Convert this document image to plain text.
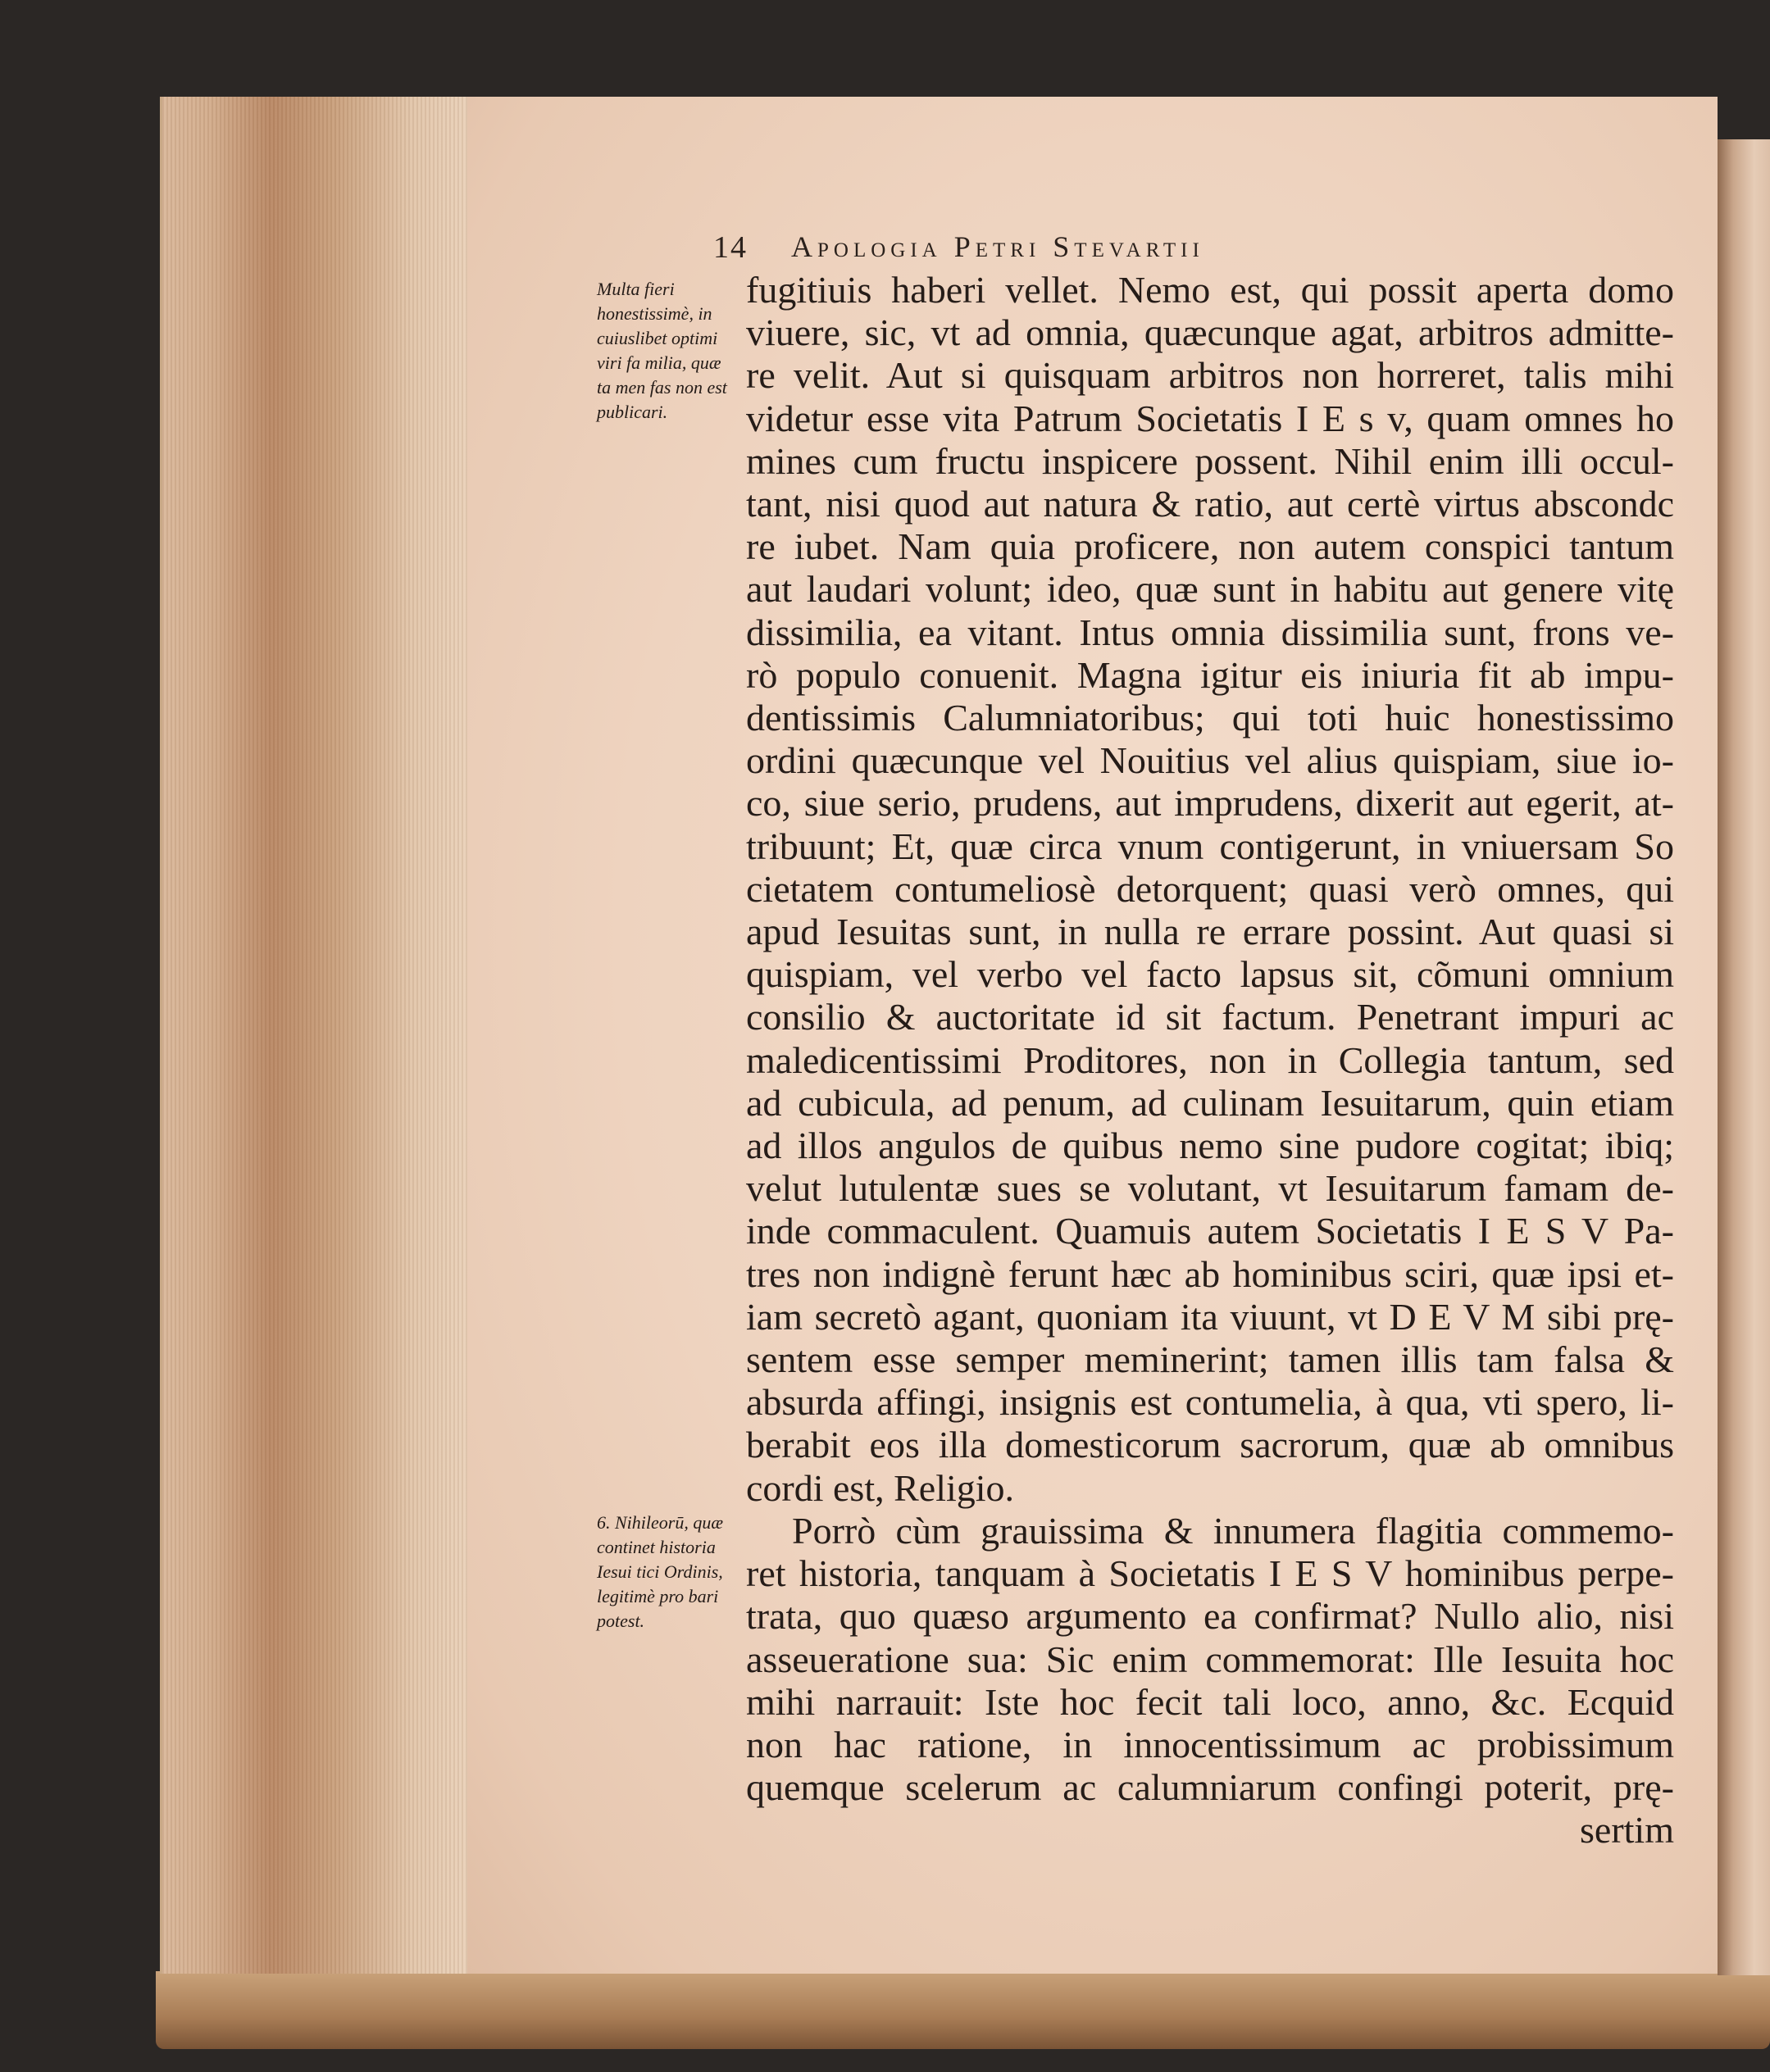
14 Apologia Petri Stevartii
Multa fieri honestissimè, in cuiuslibet optimi viri fa milia, quæ ta men fas non est publicari.
6. Nihileorū, quæ continet historia Iesui tici Ordinis, legitimè pro bari potest.
fugitiuis haberi vellet. Nemo est, qui possit aperta domo
viuere, sic, vt ad omnia, quæcunque agat, arbitros admitte-
re velit. Aut si quisquam arbitros non horreret, talis mihi
videtur esse vita Patrum Societatis I E s v, quam omnes ho
mines cum fructu inspicere possent. Nihil enim illi occul-
tant, nisi quod aut natura & ratio, aut certè virtus abscondc
re iubet. Nam quia proficere, non autem conspici tantum
aut laudari volunt; ideo, quæ sunt in habitu aut genere vitę
dissimilia, ea vitant. Intus omnia dissimilia sunt, frons ve-
rò populo conuenit. Magna igitur eis iniuria fit ab impu-
dentissimis Calumniatoribus; qui toti huic honestissimo
ordini quæcunque vel Nouitius vel alius quispiam, siue io-
co, siue serio, prudens, aut imprudens, dixerit aut egerit, at-
tribuunt; Et, quæ circa vnum contigerunt, in vniuersam So
cietatem contumeliosè detorquent; quasi verò omnes, qui
apud Iesuitas sunt, in nulla re errare possint. Aut quasi si
quispiam, vel verbo vel facto lapsus sit, cõmuni omnium
consilio & auctoritate id sit factum. Penetrant impuri ac
maledicentissimi Proditores, non in Collegia tantum, sed
ad cubicula, ad penum, ad culinam Iesuitarum, quin etiam
ad illos angulos de quibus nemo sine pudore cogitat; ibiq;
velut lutulentæ sues se volutant, vt Iesuitarum famam de-
inde commaculent. Quamuis autem Societatis I E S V Pa-
tres non indignè ferunt hæc ab hominibus sciri, quæ ipsi et-
iam secretò agant, quoniam ita viuunt, vt D E V M sibi prę-
sentem esse semper meminerint; tamen illis tam falsa &
absurda affingi, insignis est contumelia, à qua, vti spero, li-
berabit eos illa domesticorum sacrorum, quæ ab omnibus
cordi est, Religio.
Porrò cùm grauissima & innumera flagitia commemo-
ret historia, tanquam à Societatis I E S V hominibus perpe-
trata, quo quæso argumento ea confirmat? Nullo alio, nisi
asseueratione sua: Sic enim commemorat: Ille Iesuita hoc
mihi narrauit: Iste hoc fecit tali loco, anno, &c. Ecquid
non hac ratione, in innocentissimum ac probissimum
quemque scelerum ac calumniarum confingi poterit, prę-
sertim
